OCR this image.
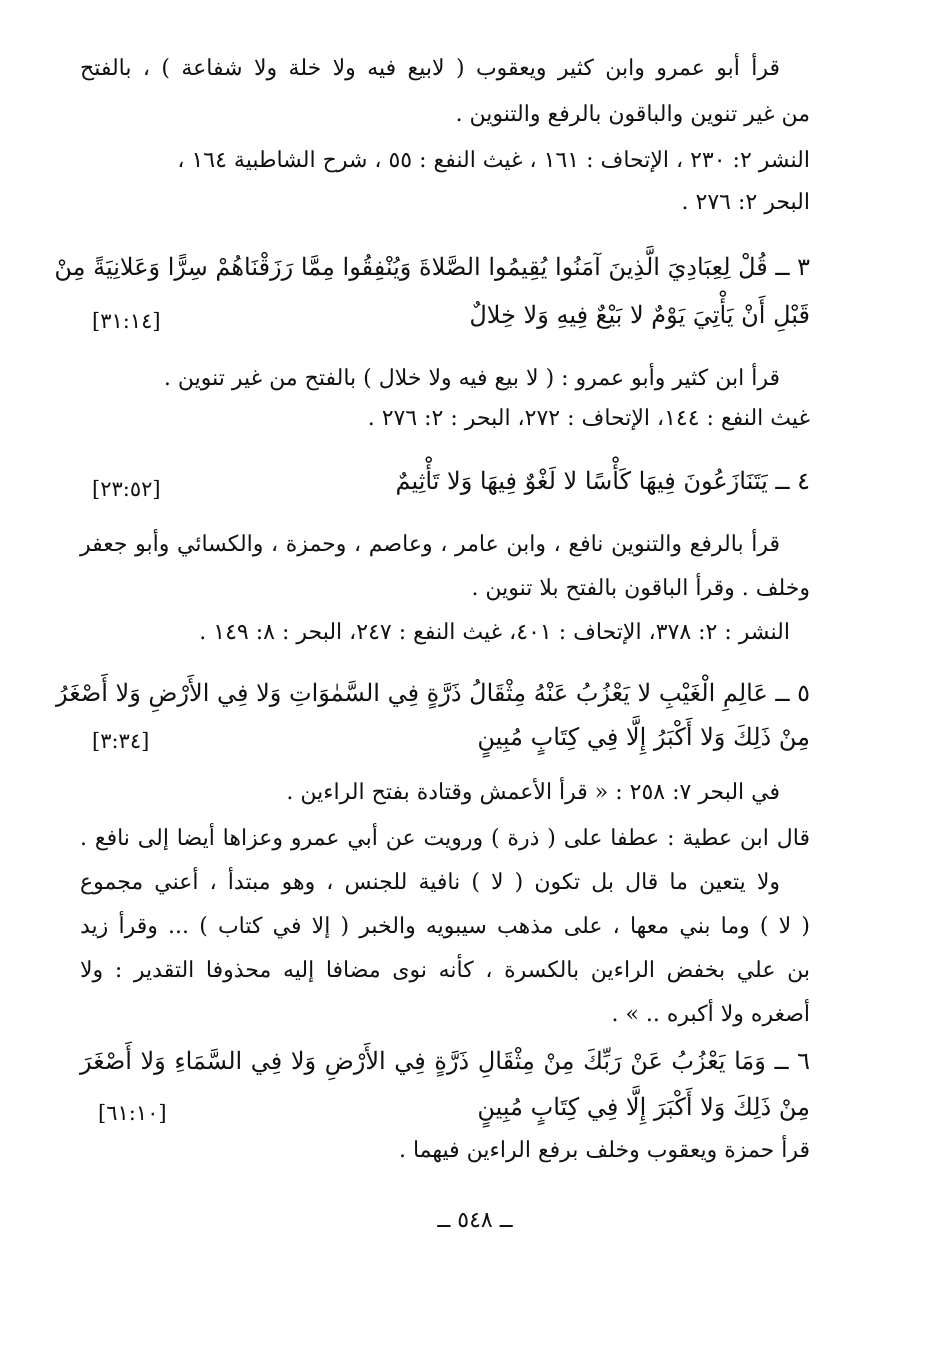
قرأ أبو عمرو وابن كثير ويعقوب ( لابيع فيه ولا خلة ولا شفاعة ) ، بالفتح
من غير تنوين والباقون بالرفع والتنوين .
النشر ٢: ٢٣٠ ، الإتحاف : ١٦١ ، غيث النفع : ٥٥ ، شرح الشاطبية ١٦٤ ،
البحر ٢: ٢٧٦ .
٣ ــ قُلْ لِعِبَادِيَ الَّذِينَ آمَنُوا يُقِيمُوا الصَّلاةَ وَيُنْفِقُوا مِمَّا رَزَقْنَاهُمْ سِرًّا وَعَلانِيَةً مِنْ
قَبْلِ أَنْ يَأْتِيَ يَوْمٌ لا بَيْعٌ فِيهِ وَلا خِلالٌ
[٣١:١٤]
قرأ ابن كثير وأبو عمرو : ( لا بيع فيه ولا خلال ) بالفتح من غير تنوين .
غيث النفع : ١٤٤، الإتحاف : ٢٧٢، البحر : ٢: ٢٧٦ .
٤ ــ يَتَنَازَعُونَ فِيهَا كَأْسًا لا لَغْوٌ فِيهَا وَلا تَأْثِيمٌ
[٢٣:٥٢]
قرأ بالرفع والتنوين نافع ، وابن عامر ، وعاصم ، وحمزة ، والكسائي وأبو جعفر
وخلف . وقرأ الباقون بالفتح بلا تنوين .
النشر : ٢: ٣٧٨، الإتحاف : ٤٠١، غيث النفع : ٢٤٧، البحر : ٨: ١٤٩ .
٥ ــ عَالِمِ الْغَيْبِ لا يَعْزُبُ عَنْهُ مِثْقَالُ ذَرَّةٍ فِي السَّمٰوَاتِ وَلا فِي الأَرْضِ وَلا أَصْغَرُ
مِنْ ذَلِكَ وَلا أَكْبَرُ إِلَّا فِي كِتَابٍ مُبِينٍ
[٣:٣٤]
في البحر ٧: ٢٥٨ : « قرأ الأعمش وقتادة بفتح الراءين .
قال ابن عطية : عطفا على ( ذرة ) ورويت عن أبي عمرو وعزاها أيضا إلى نافع .
ولا يتعين ما قال بل تكون ( لا ) نافية للجنس ، وهو مبتدأ ، أعني مجموع
( لا ) وما بني معها ، على مذهب سيبويه والخبر ( إلا في كتاب ) ... وقرأ زيد
بن علي بخفض الراءين بالكسرة ، كأنه نوى مضافا إليه محذوفا التقدير : ولا
أصغره ولا أكبره .. » .
٦ ــ وَمَا يَعْزُبُ عَنْ رَبِّكَ مِنْ مِثْقَالِ ذَرَّةٍ فِي الأَرْضِ وَلا فِي السَّمَاءِ وَلا أَصْغَرَ
مِنْ ذَلِكَ وَلا أَكْبَرَ إِلَّا فِي كِتَابٍ مُبِينٍ
[٦١:١٠]
قرأ حمزة ويعقوب وخلف برفع الراءين فيهما .
ــ ٥٤٨ ــ
